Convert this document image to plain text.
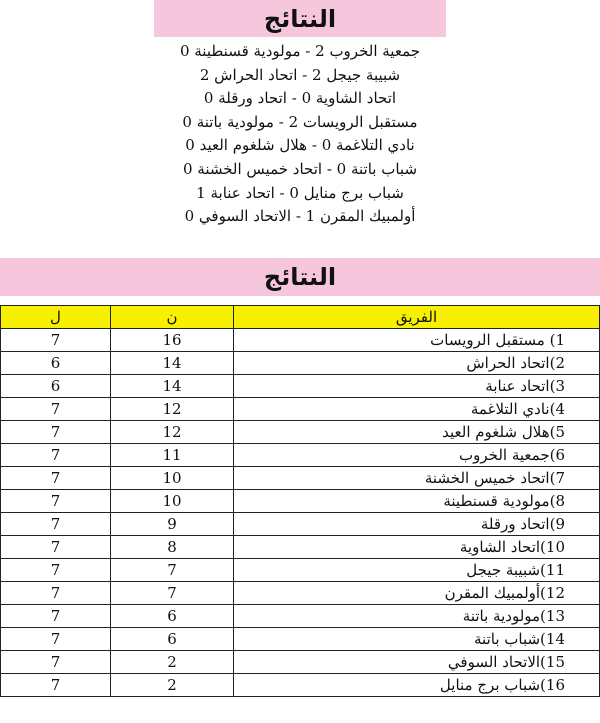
النتائج
جمعية الخروب 2 - مولودية قسنطينة 0
شبيبة جيجل 2 - اتحاد الحراش 2
اتحاد الشاوية 0 - اتحاد ورقلة 0
مستقبل الرويسات 2 - مولودية باتنة 0
نادي التلاغمة 0 - هلال شلغوم العيد 0
شباب باتنة 0 - اتحاد خميس الخشنة 0
شباب برج منايل 0 - اتحاد عنابة 1
أولمبيك المقرن 1 - الاتحاد السوفي 0
النتائج
ل	ن	الفريق
7	16	1) مستقبل الرويسات
6	14	2)اتحاد الحراش
6	14	3)اتحاد عنابة
7	12	4)نادي التلاغمة
7	12	5)هلال شلغوم العيد
7	11	6)جمعية الخروب
7	10	7)اتحاد خميس الخشنة
7	10	8)مولودية قسنطينة
7	9	9)اتحاد ورقلة
7	8	10)اتحاد الشاوية
7	7	11)شبيبة جيجل
7	7	12)أولمبيك المقرن
7	6	13)مولودية باتنة
7	6	14)شباب باتنة
7	2	15)الاتحاد السوفي
7	2	16)شباب برج منايل
